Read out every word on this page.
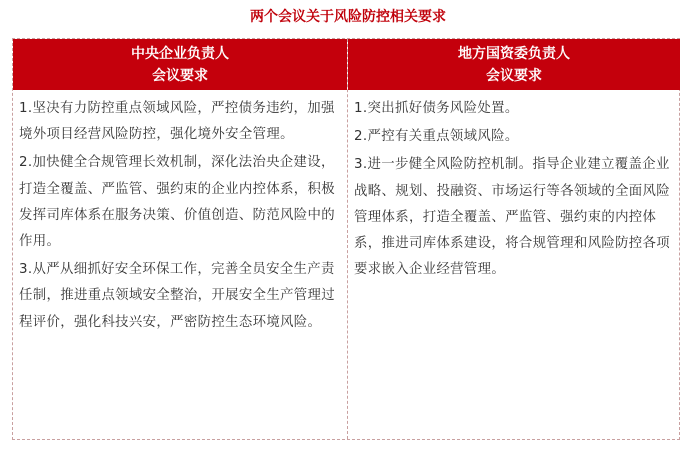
两个会议关于风险防控相关要求
中央企业负责人
会议要求
地方国资委负责人
会议要求

1.坚决有力防控重点领域风险，严控债务违约，加强境外项目经营风险防控，强化境外安全管理。

2.加快健全合规管理长效机制，深化法治央企建设，打造全覆盖、严监管、强约束的企业内控体系，积极发挥司库体系在服务决策、价值创造、防范风险中的作用。

3.从严从细抓好安全环保工作，完善全员安全生产责任制，推进重点领域安全整治，开展安全生产管理过程评价，强化科技兴安，严密防控生态环境风险。

1.突出抓好债务风险处置。

2.严控有关重点领域风险。

3.进一步健全风险防控机制。指导企业建立覆盖企业战略、规划、投融资、市场运行等各领域的全面风险管理体系，打造全覆盖、严监管、强约束的内控体系，推进司库体系建设，将合规管理和风险防控各项要求嵌入企业经营管理。
